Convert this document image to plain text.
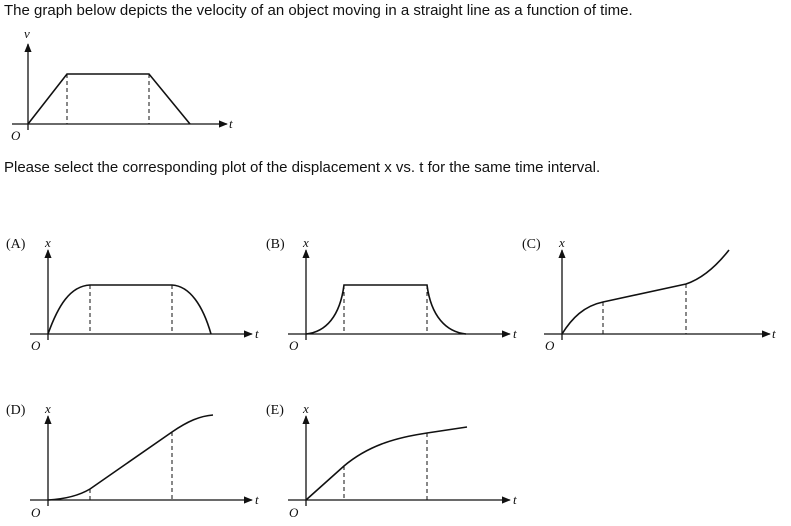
The graph below depicts the velocity of an object moving in a straight line as a function of time.
Please select the corresponding plot of the displacement x vs. t for the same time interval.
v
t
O
(A) x
t
O
(B) x
t
O
(C) x
t
O
(D) x
t
O
(E) x
t
O
